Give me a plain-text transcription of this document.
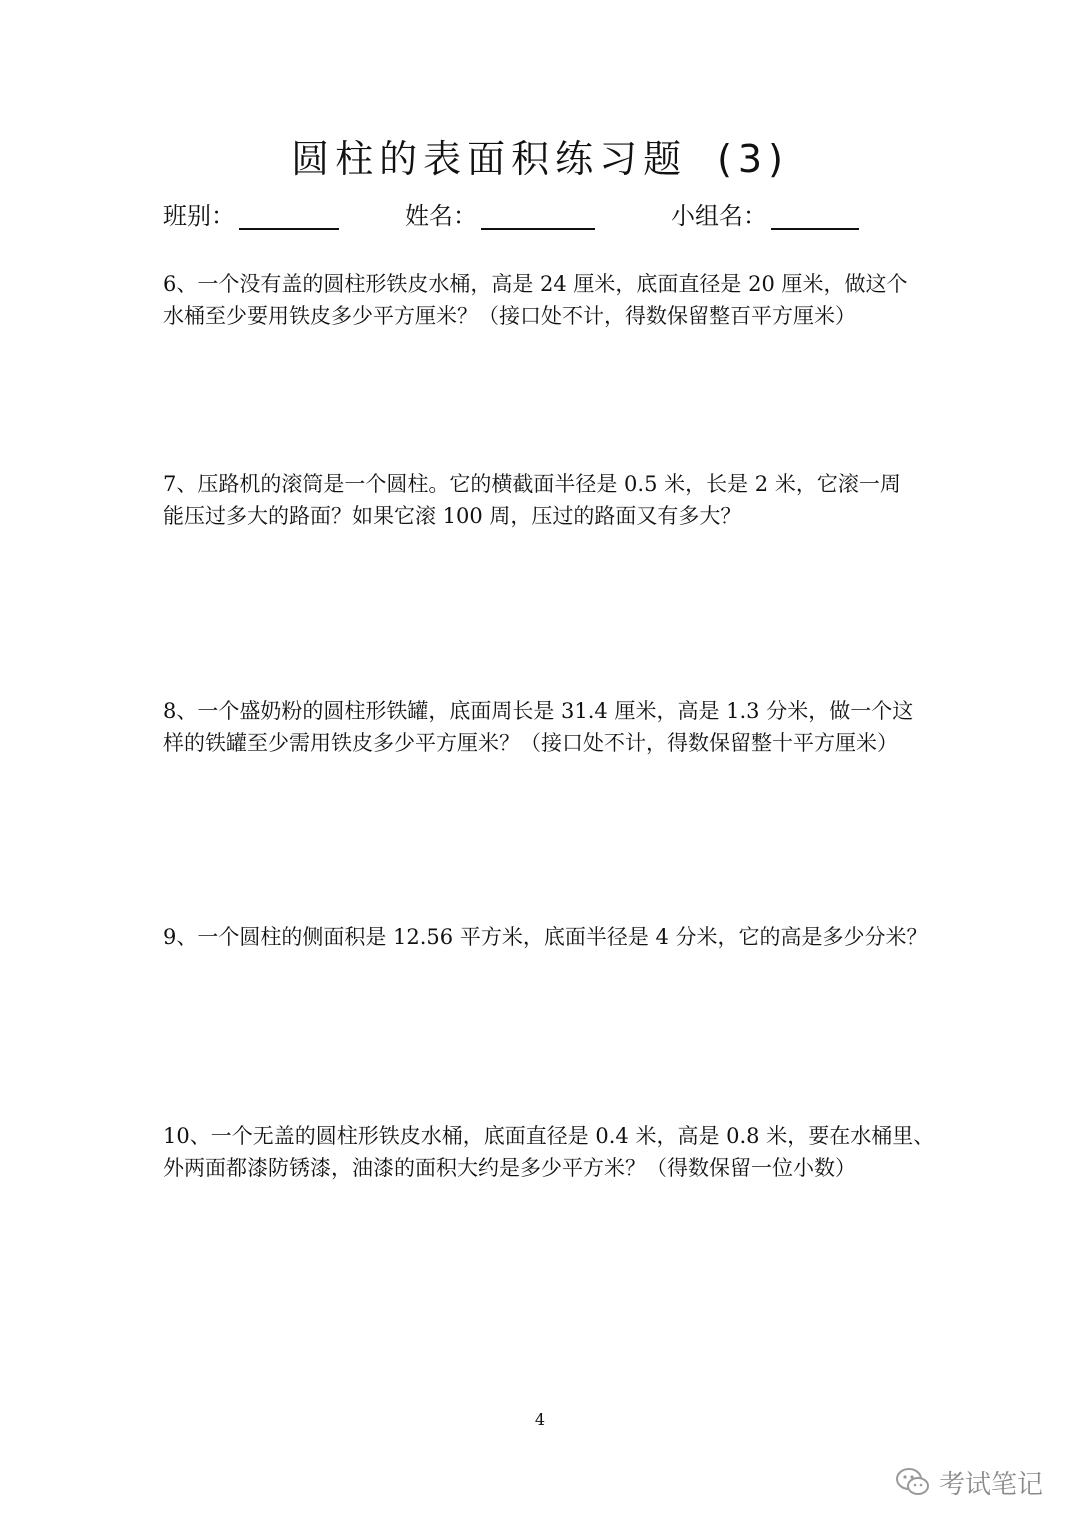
圆柱的表面积练习题 (3)
班别：	姓名：	小组名：

6、一个没有盖的圆柱形铁皮水桶，高是 24 厘米，底面直径是 20 厘米，做这个

水桶至少要用铁皮多少平方厘米？（接口处不计，得数保留整百平方厘米）

7、压路机的滚筒是一个圆柱。它的横截面半径是 0.5 米，长是 2 米，它滚一周

能压过多大的路面？如果它滚 100 周，压过的路面又有多大？

8、一个盛奶粉的圆柱形铁罐，底面周长是 31.4 厘米，高是 1.3 分米，做一个这

样的铁罐至少需用铁皮多少平方厘米？（接口处不计，得数保留整十平方厘米）

9、一个圆柱的侧面积是 12.56 平方米，底面半径是 4 分米，它的高是多少分米？

10、一个无盖的圆柱形铁皮水桶，底面直径是 0.4 米，高是 0.8 米，要在水桶里、

外两面都漆防锈漆，油漆的面积大约是多少平方米？（得数保留一位小数）

4
考试笔记
